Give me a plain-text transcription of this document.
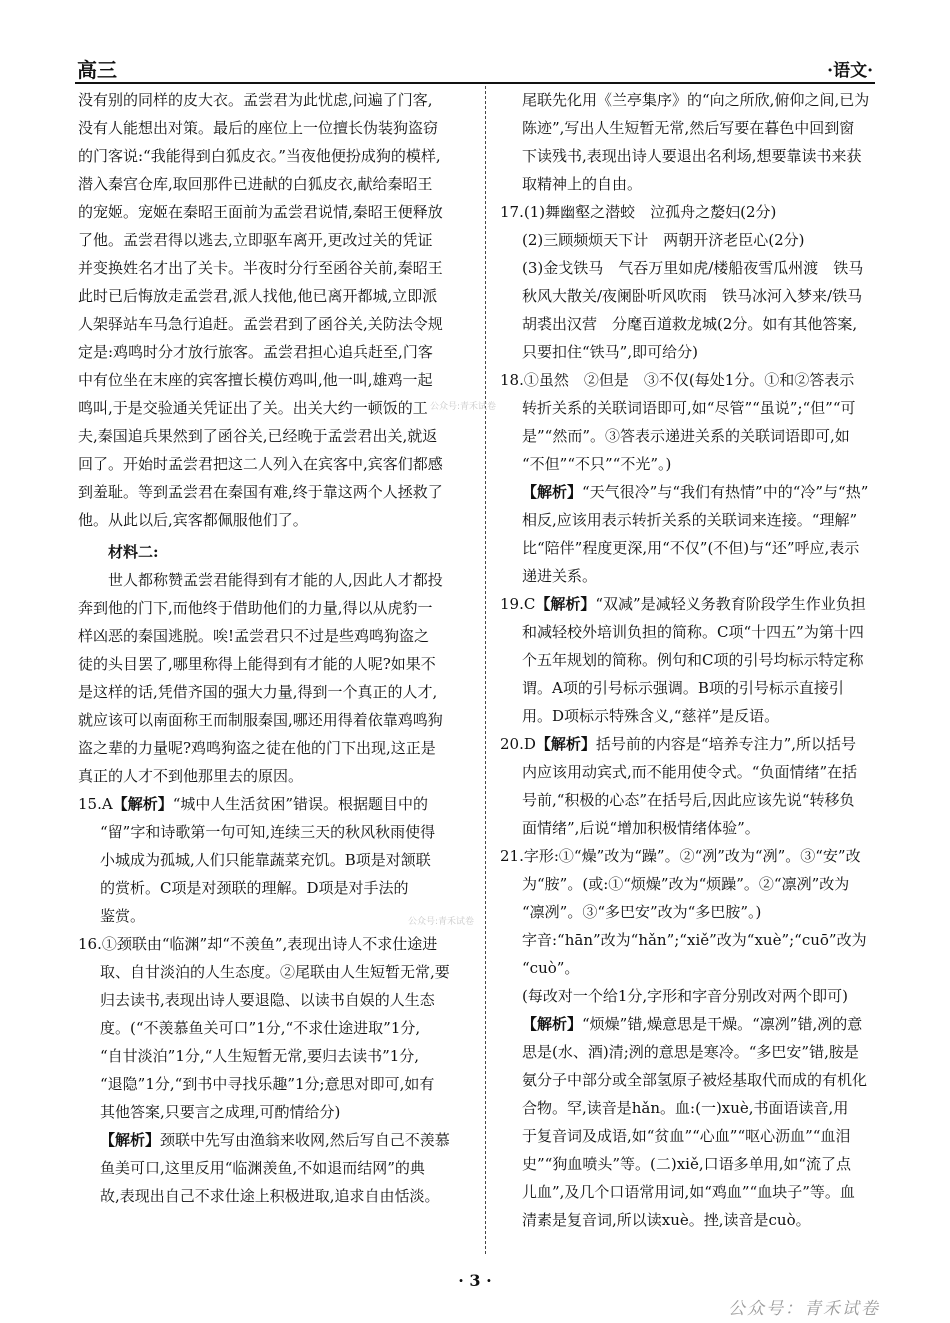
高三	·语文·

没有别的同样的皮大衣。孟尝君为此忧虑,问遍了门客,

没有人能想出对策。最后的座位上一位擅长伪装狗盗窃

的门客说:“我能得到白狐皮衣。”当夜他便扮成狗的模样,

潜入秦宫仓库,取回那件已进献的白狐皮衣,献给秦昭王

的宠姬。宠姬在秦昭王面前为孟尝君说情,秦昭王便释放

了他。孟尝君得以逃去,立即驱车离开,更改过关的凭证

并变换姓名才出了关卡。半夜时分行至函谷关前,秦昭王

此时已后悔放走孟尝君,派人找他,他已离开都城,立即派

人架驿站车马急行追赶。孟尝君到了函谷关,关防法令规

定是:鸡鸣时分才放行旅客。孟尝君担心追兵赶至,门客

中有位坐在末座的宾客擅长模仿鸡叫,他一叫,雄鸡一起

鸣叫,于是交验通关凭证出了关。出关大约一顿饭的工

夫,秦国追兵果然到了函谷关,已经晚于孟尝君出关,就返

回了。开始时孟尝君把这二人列入在宾客中,宾客们都感

到羞耻。等到孟尝君在秦国有难,终于靠这两个人拯救了

他。从此以后,宾客都佩服他们了。

材料二:

世人都称赞孟尝君能得到有才能的人,因此人才都投

奔到他的门下,而他终于借助他们的力量,得以从虎豹一

样凶恶的秦国逃脱。唉!孟尝君只不过是些鸡鸣狗盗之

徒的头目罢了,哪里称得上能得到有才能的人呢?如果不

是这样的话,凭借齐国的强大力量,得到一个真正的人才,

就应该可以南面称王而制服秦国,哪还用得着依靠鸡鸣狗

盗之辈的力量呢?鸡鸣狗盗之徒在他的门下出现,这正是

真正的人才不到他那里去的原因。

15.A【解析】“城中人生活贫困”错误。根据题目中的

“留”字和诗歌第一句可知,连续三天的秋风秋雨使得

小城成为孤城,人们只能靠蔬菜充饥。B项是对颔联

的赏析。C项是对颈联的理解。D项是对手法的

鉴赏。

16.①颈联由“临渊”却“不羡鱼”,表现出诗人不求仕途进

取、自甘淡泊的人生态度。②尾联由人生短暂无常,要

归去读书,表现出诗人要退隐、以读书自娱的人生态

度。(“不羡慕鱼关可口”1分,“不求仕途进取”1分,

“自甘淡泊”1分,“人生短暂无常,要归去读书”1分,

“退隐”1分,“到书中寻找乐趣”1分;意思对即可,如有

其他答案,只要言之成理,可酌情给分)

【解析】颈联中先写由渔翁来收网,然后写自己不羡慕

鱼美可口,这里反用“临渊羡鱼,不如退而结网”的典

故,表现出自己不求仕途上积极进取,追求自由恬淡。

尾联先化用《兰亭集序》的“向之所欣,俯仰之间,已为

陈迹”,写出人生短暂无常,然后写要在暮色中回到窗

下读残书,表现出诗人要退出名利场,想要靠读书来获

取精神上的自由。

17.(1)舞幽壑之潜蛟　泣孤舟之嫠妇(2分)

(2)三顾频烦天下计　两朝开济老臣心(2分)

(3)金戈铁马　气吞万里如虎/楼船夜雪瓜州渡　铁马

秋风大散关/夜阑卧听风吹雨　铁马冰河入梦来/铁马

胡裘出汉营　分麾百道救龙城(2分。如有其他答案,

只要扣住“铁马”,即可给分)

18.①虽然　②但是　③不仅(每处1分。①和②答表示

转折关系的关联词语即可,如“尽管”“虽说”;“但”“可

是”“然而”。③答表示递进关系的关联词语即可,如

“不但”“不只”“不光”。)

【解析】“天气很冷”与“我们有热情”中的“冷”与“热”

相反,应该用表示转折关系的关联词来连接。“理解”

比“陪伴”程度更深,用“不仅”(不但)与“还”呼应,表示

递进关系。

19.C【解析】“双减”是减轻义务教育阶段学生作业负担

和减轻校外培训负担的简称。C项“十四五”为第十四

个五年规划的简称。例句和C项的引号均标示特定称

谓。A项的引号标示强调。B项的引号标示直接引

用。D项标示特殊含义,“慈祥”是反语。

20.D【解析】括号前的内容是“培养专注力”,所以括号

内应该用动宾式,而不能用使令式。“负面情绪”在括

号前,“积极的心态”在括号后,因此应该先说“转移负

面情绪”,后说“增加积极情绪体验”。

21.字形:①“燥”改为“躁”。②“冽”改为“冽”。③“安”改

为“胺”。(或:①“烦燥”改为“烦躁”。②“凛冽”改为

“凛冽”。③“多巴安”改为“多巴胺”。)

字音:“hān”改为“hǎn”;“xiě”改为“xuè”;“cuō”改为

“cuò”。

(每改对一个给1分,字形和字音分别改对两个即可)

【解析】“烦燥”错,燥意思是干燥。“凛冽”错,冽的意

思是(水、酒)清;洌的意思是寒冷。“多巴安”错,胺是

氨分子中部分或全部氢原子被烃基取代而成的有机化

合物。罕,读音是hǎn。血:(一)xuè,书面语读音,用

于复音词及成语,如“贫血”“心血”“呕心沥血”“血泪

史”“狗血喷头”等。(二)xiě,口语多单用,如“流了点

儿血”,及几个口语常用词,如“鸡血”“血块子”等。血

清素是复音词,所以读xuè。挫,读音是cuò。

公众号:青禾试卷
公众号:青禾试卷
· 3 ·
公众号：青禾试卷
